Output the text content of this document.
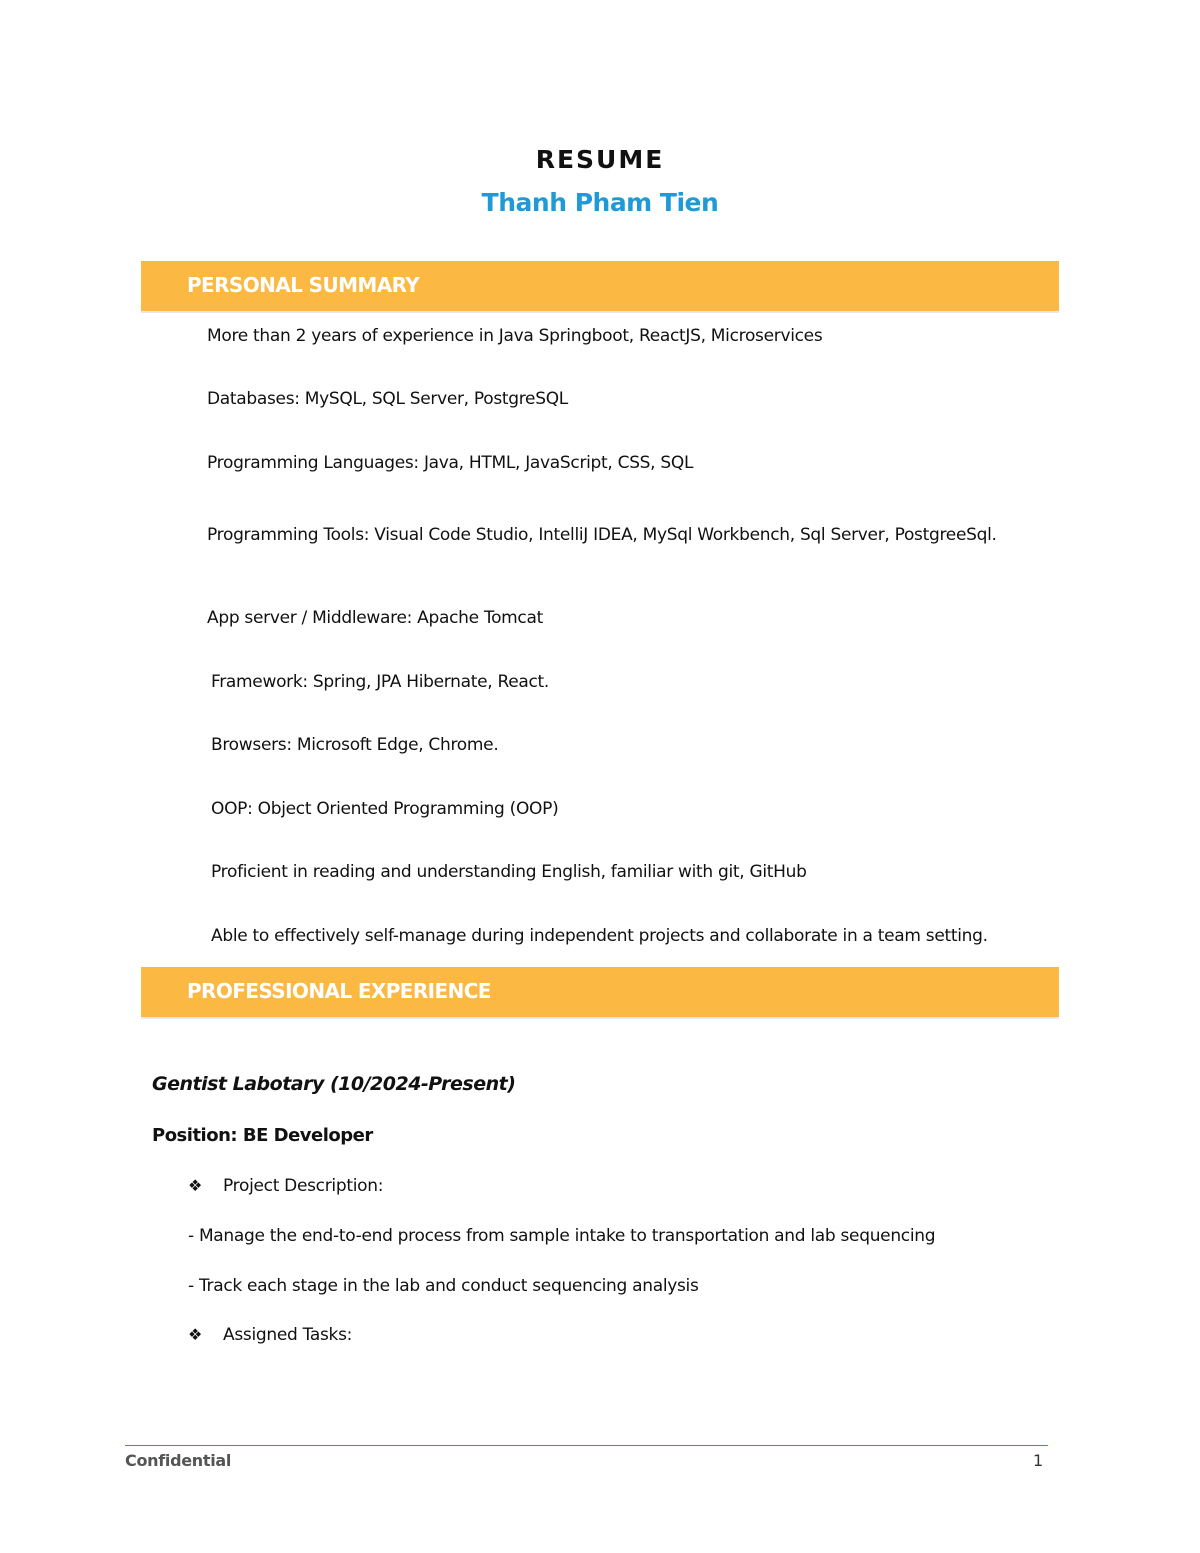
RESUME
Thanh Pham Tien
PERSONAL SUMMARY
More than 2 years of experience in Java Springboot, ReactJS, Microservices
Databases: MySQL, SQL Server, PostgreSQL
Programming Languages: Java, HTML, JavaScript, CSS, SQL
Programming Tools: Visual Code Studio, IntelliJ IDEA, MySql Workbench, Sql Server, PostgreeSql.
App server / Middleware: Apache Tomcat
Framework: Spring, JPA Hibernate, React.
Browsers: Microsoft Edge, Chrome.
OOP: Object Oriented Programming (OOP)
Proficient in reading and understanding English, familiar with git, GitHub
Able to effectively self-manage during independent projects and collaborate in a team setting.
PROFESSIONAL EXPERIENCE
Gentist Labotary (10/2024-Present)
Position: BE Developer
❖ Project Description:
- Manage the end-to-end process from sample intake to transportation and lab sequencing
- Track each stage in the lab and conduct sequencing analysis
❖ Assigned Tasks:
Confidential	1
